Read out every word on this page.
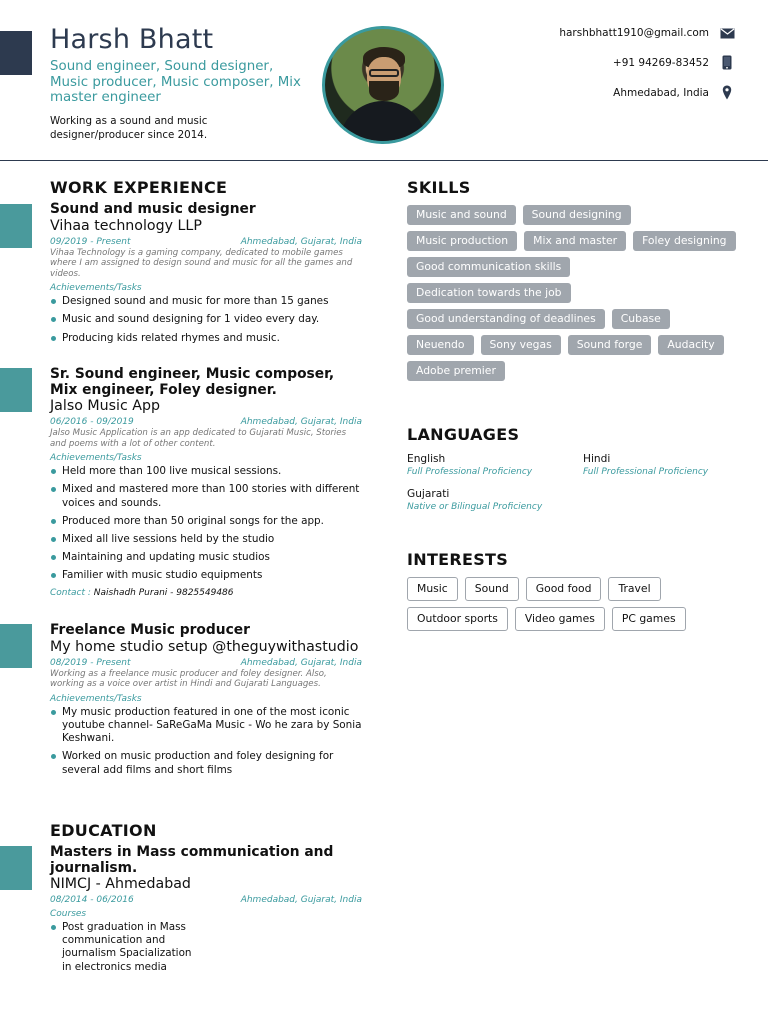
Harsh Bhatt
Sound engineer, Sound designer, Music producer, Music composer, Mix master engineer
Working as a sound and music designer/producer since 2014.
harshbhatt1910@gmail.com
+91 94269-83452
Ahmedabad, India
WORK EXPERIENCE
Sound and music designer
Vihaa technology LLP
09/2019 - Present	Ahmedabad, Gujarat, India
Vihaa Technology is a gaming company, dedicated to mobile games where I am assigned to design sound and music for all the games and videos.
Achievements/Tasks
Designed sound and music for more than 15 ganes
Music and sound designing for 1 video every day.
Producing kids related rhymes and music.
Sr. Sound engineer, Music composer, Mix engineer, Foley designer.
Jalso Music App
06/2016 - 09/2019	Ahmedabad, Gujarat, India
Jalso Music Application is an app dedicated to Gujarati Music, Stories and poems with a lot of other content.
Achievements/Tasks
Held more than 100 live musical sessions.
Mixed and mastered more than 100 stories with different voices and sounds.
Produced more than 50 original songs for the app.
Mixed all live sessions held by the studio
Maintaining and updating music studios
Familier with music studio equipments
Contact : Naishadh Purani - 9825549486
Freelance Music producer
My home studio setup @theguywithastudio
08/2019 - Present	Ahmedabad, Gujarat, India
Working as a freelance music producer and foley designer. Also, working as a voice over artist in Hindi and Gujarati Languages.
Achievements/Tasks
My music production featured in one of the most iconic youtube channel- SaReGaMa Music - Wo he zara by Sonia Keshwani.
Worked on music production and foley designing for several add films and short films
EDUCATION
Masters in Mass communication and journalism.
NIMCJ - Ahmedabad
08/2014 - 06/2016	Ahmedabad, Gujarat, India
Courses
Post graduation in Mass communication and journalism Spacialization in electronics media
SKILLS
Music and sound	Sound designing
Music production	Mix and master	Foley designing
Good communication skills
Dedication towards the job
Good understanding of deadlines	Cubase
Neuendo	Sony vegas	Sound forge	Audacity
Adobe premier
LANGUAGES
English
Full Professional Proficiency
Hindi
Full Professional Proficiency
Gujarati
Native or Bilingual Proficiency
INTERESTS
Music	Sound	Good food	Travel
Outdoor sports	Video games	PC games
